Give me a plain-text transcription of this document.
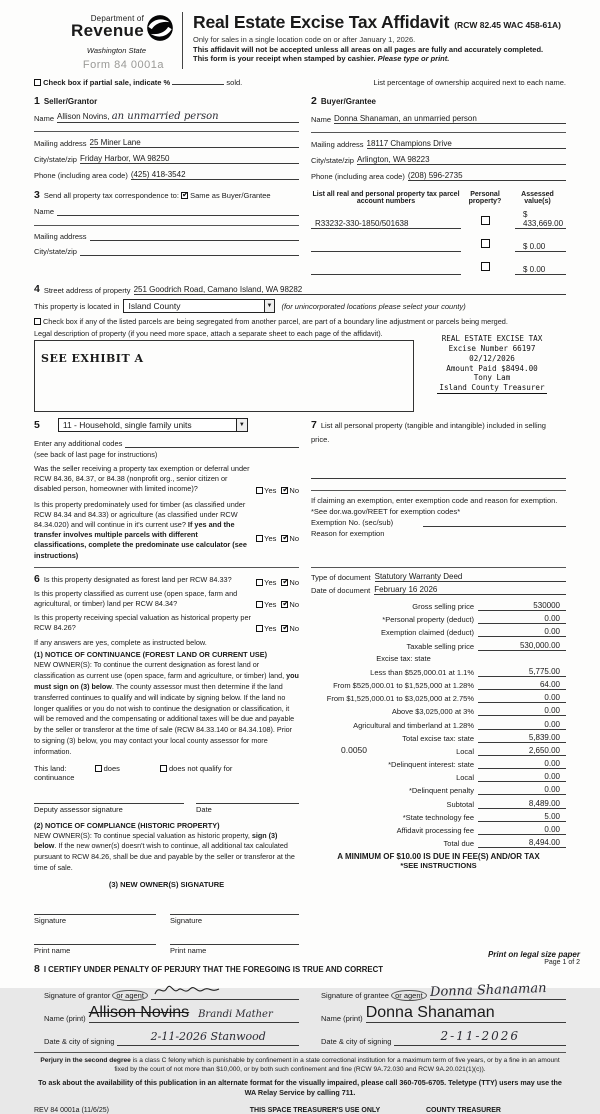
Department of
Revenue
Washington State
Form 84 0001a
Real Estate Excise Tax Affidavit (RCW 82.45 WAC 458-61A)
Only for sales in a single location code on or after January 1, 2026.
This affidavit will not be accepted unless all areas on all pages are fully and accurately completed.
This form is your receipt when stamped by cashier. Please type or print.
Check box if partial sale, indicate %	sold.	List percentage of ownership acquired next to each name.
1 Seller/Grantor
Name Allison Novins, an unmarried person
Mailing address 25 Miner Lane
City/state/zip Friday Harbor, WA 98250
Phone (including area code) (425) 418-3542
2 Buyer/Grantee
Name Donna Shanaman, an unmarried person
Mailing address 18117 Champions Drive
City/state/zip Arlington, WA 98223
Phone (including area code) (208) 596-2735
3 Send all property tax correspondence to: ✔ Same as Buyer/Grantee
Name
Mailing address
City/state/zip
List all real and personal property tax parcel account numbers
Personal property?
Assessed value(s)
R33232-330-1850/501638
$ 433,669.00
$ 0.00
$ 0.00
4 Street address of property 251 Goodrich Road, Camano Island, WA 98282
This property is located in	Island County	▼ (for unincorporated locations please select your county)
Check box if any of the listed parcels are being segregated from another parcel, are part of a boundary line adjustment or parcels being merged.
Legal description of property (if you need more space, attach a separate sheet to each page of the affidavit).
SEE EXHIBIT A
REAL ESTATE EXCISE TAX
Excise Number 66197
02/12/2026
Amount Paid $8494.00
Tony Lam
Island County Treasurer
5	11 - Household, single family units	▼
Enter any additional codes
(see back of last page for instructions)
Was the seller receiving a property tax exemption or deferral under RCW 84.36, 84.37, or 84.38 (nonprofit org., senior citizen or disabled person, homeowner with limited income)?	Yes ✔ No
Is this property predominately used for timber (as classified under RCW 84.34 and 84.33) or agriculture (as classified under RCW 84.34.020) and will continue in it's current use? If yes and the transfer involves multiple parcels with different classifications, complete the predominate use calculator (see instructions)
Yes ✔ No
7 List all personal property (tangible and intangible) included in selling price.
If claiming an exemption, enter exemption code and reason for exemption. *See dor.wa.gov/REET for exemption codes*
Exemption No. (sec/sub)
Reason for exemption
6 Is this property designated as forest land per RCW 84.33?	Yes ✔ No
Is this property classified as current use (open space, farm and agricultural, or timber) land per RCW 84.34?	Yes ✔ No
Is this property receiving special valuation as historical property per RCW 84.26?	Yes ✔ No
If any answers are yes, complete as instructed below.
(1) NOTICE OF CONTINUANCE (FOREST LAND OR CURRENT USE)
NEW OWNER(S): To continue the current designation as forest land or classification as current use (open space, farm and agriculture, or timber) land, you must sign on (3) below. The county assessor must then determine if the land transferred continues to qualify and will indicate by signing below. If the land no longer qualifies or you do not wish to continue the designation or classification, it will be removed and the compensating or additional taxes will be due and payable by the seller or transferor at the time of sale (RCW 84.33.140 or 84.34.108). Prior to signing (3) below, you may contact your local county assessor for more information.
This land:	does	does not qualify for
continuance
Deputy assessor signature	Date
(2) NOTICE OF COMPLIANCE (HISTORIC PROPERTY)
NEW OWNER(S): To continue special valuation as historic property, sign (3) below. If the new owner(s) doesn't wish to continue, all additional tax calculated pursuant to RCW 84.26, shall be due and payable by the seller or transferor at the time of sale.
(3) NEW OWNER(S) SIGNATURE
Signature	Signature
Print name	Print name
Type of document Statutory Warranty Deed
Date of document February 16 2026
Gross selling price	530000
*Personal property (deduct)	0.00
Exemption claimed (deduct)	0.00
Taxable selling price	530,000.00
Excise tax: state
Less than $525,000.01 at 1.1%	5,775.00
From $525,000.01 to $1,525,000 at 1.28%	64.00
From $1,525,000.01 to $3,025,000 at 2.75%	0.00
Above $3,025,000 at 3%	0.00
Agricultural and timberland at 1.28%	0.00
Total excise tax: state	5,839.00
0.0050	Local	2,650.00
*Delinquent interest: state	0.00
Local	0.00
*Delinquent penalty	0.00
Subtotal	8,489.00
*State technology fee	5.00
Affidavit processing fee	0.00
Total due	8,494.00
A MINIMUM OF $10.00 IS DUE IN FEE(S) AND/OR TAX
*SEE INSTRUCTIONS
8 I CERTIFY UNDER PENALTY OF PERJURY THAT THE FOREGOING IS TRUE AND CORRECT
Signature of grantor or agent
Name (print) Allison Novins Brandi Mather
Date & city of signing	2-11-2026 Stanwood
Signature of grantee or agent Donna Shanaman
Name (print) Donna Shanaman
Date & city of signing	2-11-2026
Perjury in the second degree is a class C felony which is punishable by confinement in a state correctional institution for a maximum term of five years, or by a fine in an amount fixed by the court of not more than $10,000, or by both such confinement and fine (RCW 9A.72.030 and RCW 9A.20.021(1)(c)).
To ask about the availability of this publication in an alternate format for the visually impaired, please call 360-705-6705. Teletype (TTY) users may use the WA Relay Service by calling 711.
REV 84 0001a (11/6/25)	THIS SPACE TREASURER'S USE ONLY	COUNTY TREASURER
Print on legal size paper
Page 1 of 2
